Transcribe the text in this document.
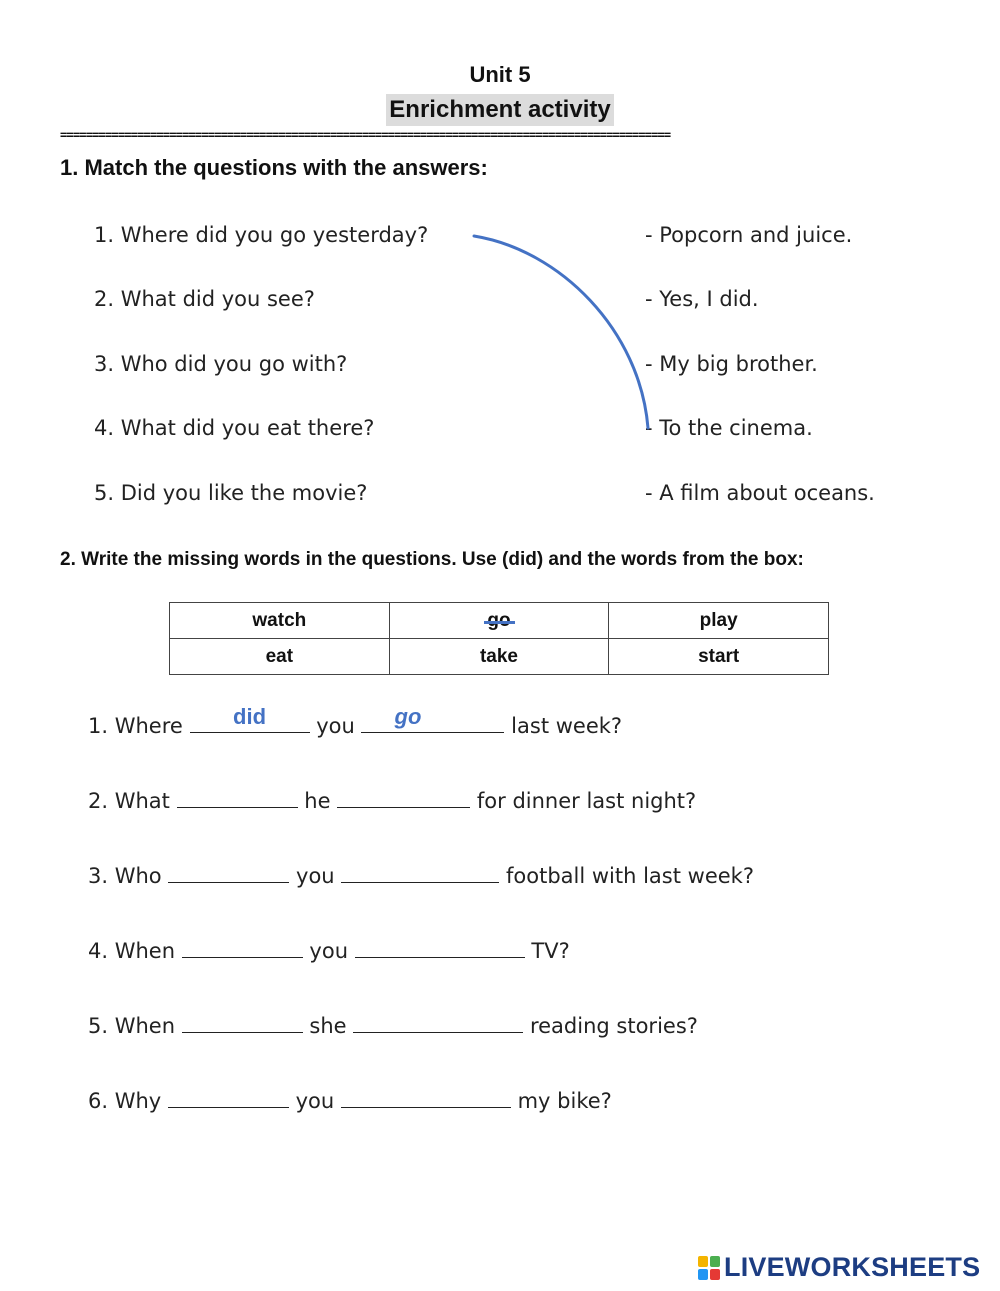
Unit 5
Enrichment activity
===============================================================================================
1. Match the questions with the answers:
1. Where did you go yesterday?
2. What did you see?
3. Who did you go with?
4. What did you eat there?
5. Did you like the movie?
- Popcorn and juice.
- Yes, I did.
- My big brother.
- To the cinema.
- A film about oceans.
2. Write the missing words in the questions. Use (did) and the words from the box:
watch		play
eat	take	start
1. Where	did	you	go	last week?
2. What	he	for dinner last night?
3. Who	you	football with last week?
4. When	you	TV?
5. When	she	reading stories?
6. Why	you	my bike?
LIVEWORKSHEETS
